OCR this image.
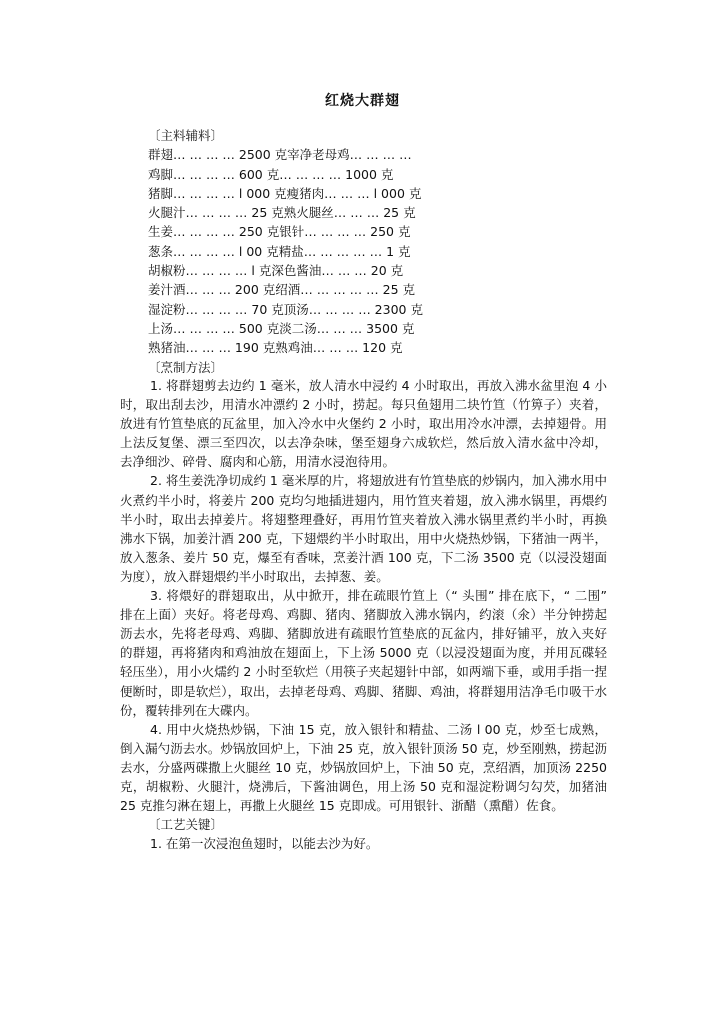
红烧大群翅
〔主料辅料〕
群翅… … … … 2500 克宰净老母鸡… … … …
鸡脚… … … … 600 克… … … … 1000 克
猪脚… … … … l 000 克瘦猪肉… … … l 000 克
火腿汁… … … … 25 克熟火腿丝… … … 25 克
生姜… … … … 250 克银针… … … … 250 克
葱条… … … … l 00 克精盐… … … … … 1 克
胡椒粉… … … … l 克深色酱油… … … 20 克
姜汁酒… … … 200 克绍酒… … … … … 25 克
湿淀粉… … … … 70 克顶汤… … … … 2300 克
上汤… … … … 500 克淡二汤… … … 3500 克
熟猪油… … … 190 克熟鸡油… … … 120 克
〔烹制方法〕

1. 将群翅剪去边约 1 毫米，放人清水中浸约 4 小时取出，再放入沸水盆里泡 4 小时，取出刮去沙，用清水冲漂约 2 小时，捞起。每只鱼翅用二块竹笪（竹箅子）夹着，放进有竹笪垫底的瓦盆里，加入冷水中火堡约 2 小时，取出用冷水冲漂，去掉翅骨。用上法反复堡、漂三至四次，以去净杂味，堡至翅身六成软烂，然后放入清水盆中冷却，去净细沙、碎骨、腐肉和心筋，用清水浸泡待用。

2. 将生姜洗净切成约 1 毫米厚的片，将翅放进有竹笪垫底的炒锅内，加入沸水用中火煮约半小时，将姜片 200 克均匀地插进翅内，用竹笪夹着翅，放入沸水锅里，再煨约半小时，取出去掉姜片。将翅整理叠好，再用竹笪夹着放入沸水锅里煮约半小时，再换沸水下锅，加姜汁酒 200 克，下翅煨约半小时取出，用中火烧热炒锅，下猪油一两半，放入葱条、姜片 50 克，爆至有香味，烹姜汁酒 100 克，下二汤 3500 克（以浸没翅面为度），放入群翅煨约半小时取出，去掉葱、姜。

3. 将煨好的群翅取出，从中掀开，排在疏眼竹笪上（“ 头围” 排在底下，“ 二围” 排在上面）夹好。将老母鸡、鸡脚、猪肉、猪脚放入沸水锅内，约滚（氽）半分钟捞起沥去水，先将老母鸡、鸡脚、猪脚放进有疏眼竹笪垫底的瓦盆内，排好铺平，放入夹好的群翅，再将猪肉和鸡油放在翅面上，下上汤 5000 克（以浸没翅面为度，并用瓦碟轻轻压坐），用小火燸约 2 小时至软烂（用筷子夹起翅针中部，如两端下垂，或用手指一捏便断时，即是软烂），取出，去掉老母鸡、鸡脚、猪脚、鸡油，将群翅用洁净毛巾吸干水份，覆转排列在大碟内。

4. 用中火烧热炒锅，下油 15 克，放入银针和精盐、二汤 l 00 克，炒至七成熟，倒入漏勺沥去水。炒锅放回炉上，下油 25 克，放入银针顶汤 50 克，炒至刚熟，捞起沥去水，分盛两碟撒上火腿丝 10 克，炒锅放回炉上，下油 50 克，烹绍酒，加顶汤 2250 克，胡椒粉、火腿汁，烧沸后，下酱油调色，用上汤 50 克和湿淀粉调匀勾芡，加猪油 25 克推匀淋在翅上，再撒上火腿丝 15 克即成。可用银针、浙醋（熏醋）佐食。

〔工艺关键〕

1. 在第一次浸泡鱼翅时，以能去沙为好。
